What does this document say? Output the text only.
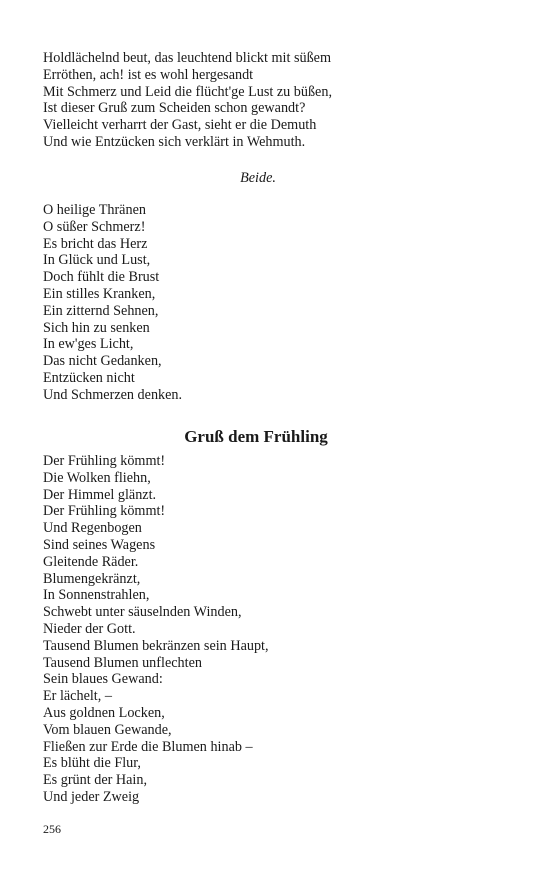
Holdlächelnd beut, das leuchtend blickt mit süßem
Erröthen, ach! ist es wohl hergesandt
Mit Schmerz und Leid die flücht'ge Lust zu büßen,
Ist dieser Gruß zum Scheiden schon gewandt?
Vielleicht verharrt der Gast, sieht er die Demuth
Und wie Entzücken sich verklärt in Wehmuth.
Beide.
O heilige Thränen
O süßer Schmerz!
Es bricht das Herz
In Glück und Lust,
Doch fühlt die Brust
Ein stilles Kranken,
Ein zitternd Sehnen,
Sich hin zu senken
In ew'ges Licht,
Das nicht Gedanken,
Entzücken nicht
Und Schmerzen denken.
Gruß dem Frühling
Der Frühling kömmt!
Die Wolken fliehn,
Der Himmel glänzt.
Der Frühling kömmt!
Und Regenbogen
Sind seines Wagens
Gleitende Räder.
Blumengekränzt,
In Sonnenstrahlen,
Schwebt unter säuselnden Winden,
Nieder der Gott.
Tausend Blumen bekränzen sein Haupt,
Tausend Blumen unflechten
Sein blaues Gewand:
Er lächelt, –
Aus goldnen Locken,
Vom blauen Gewande,
Fließen zur Erde die Blumen hinab –
Es blüht die Flur,
Es grünt der Hain,
Und jeder Zweig
256
